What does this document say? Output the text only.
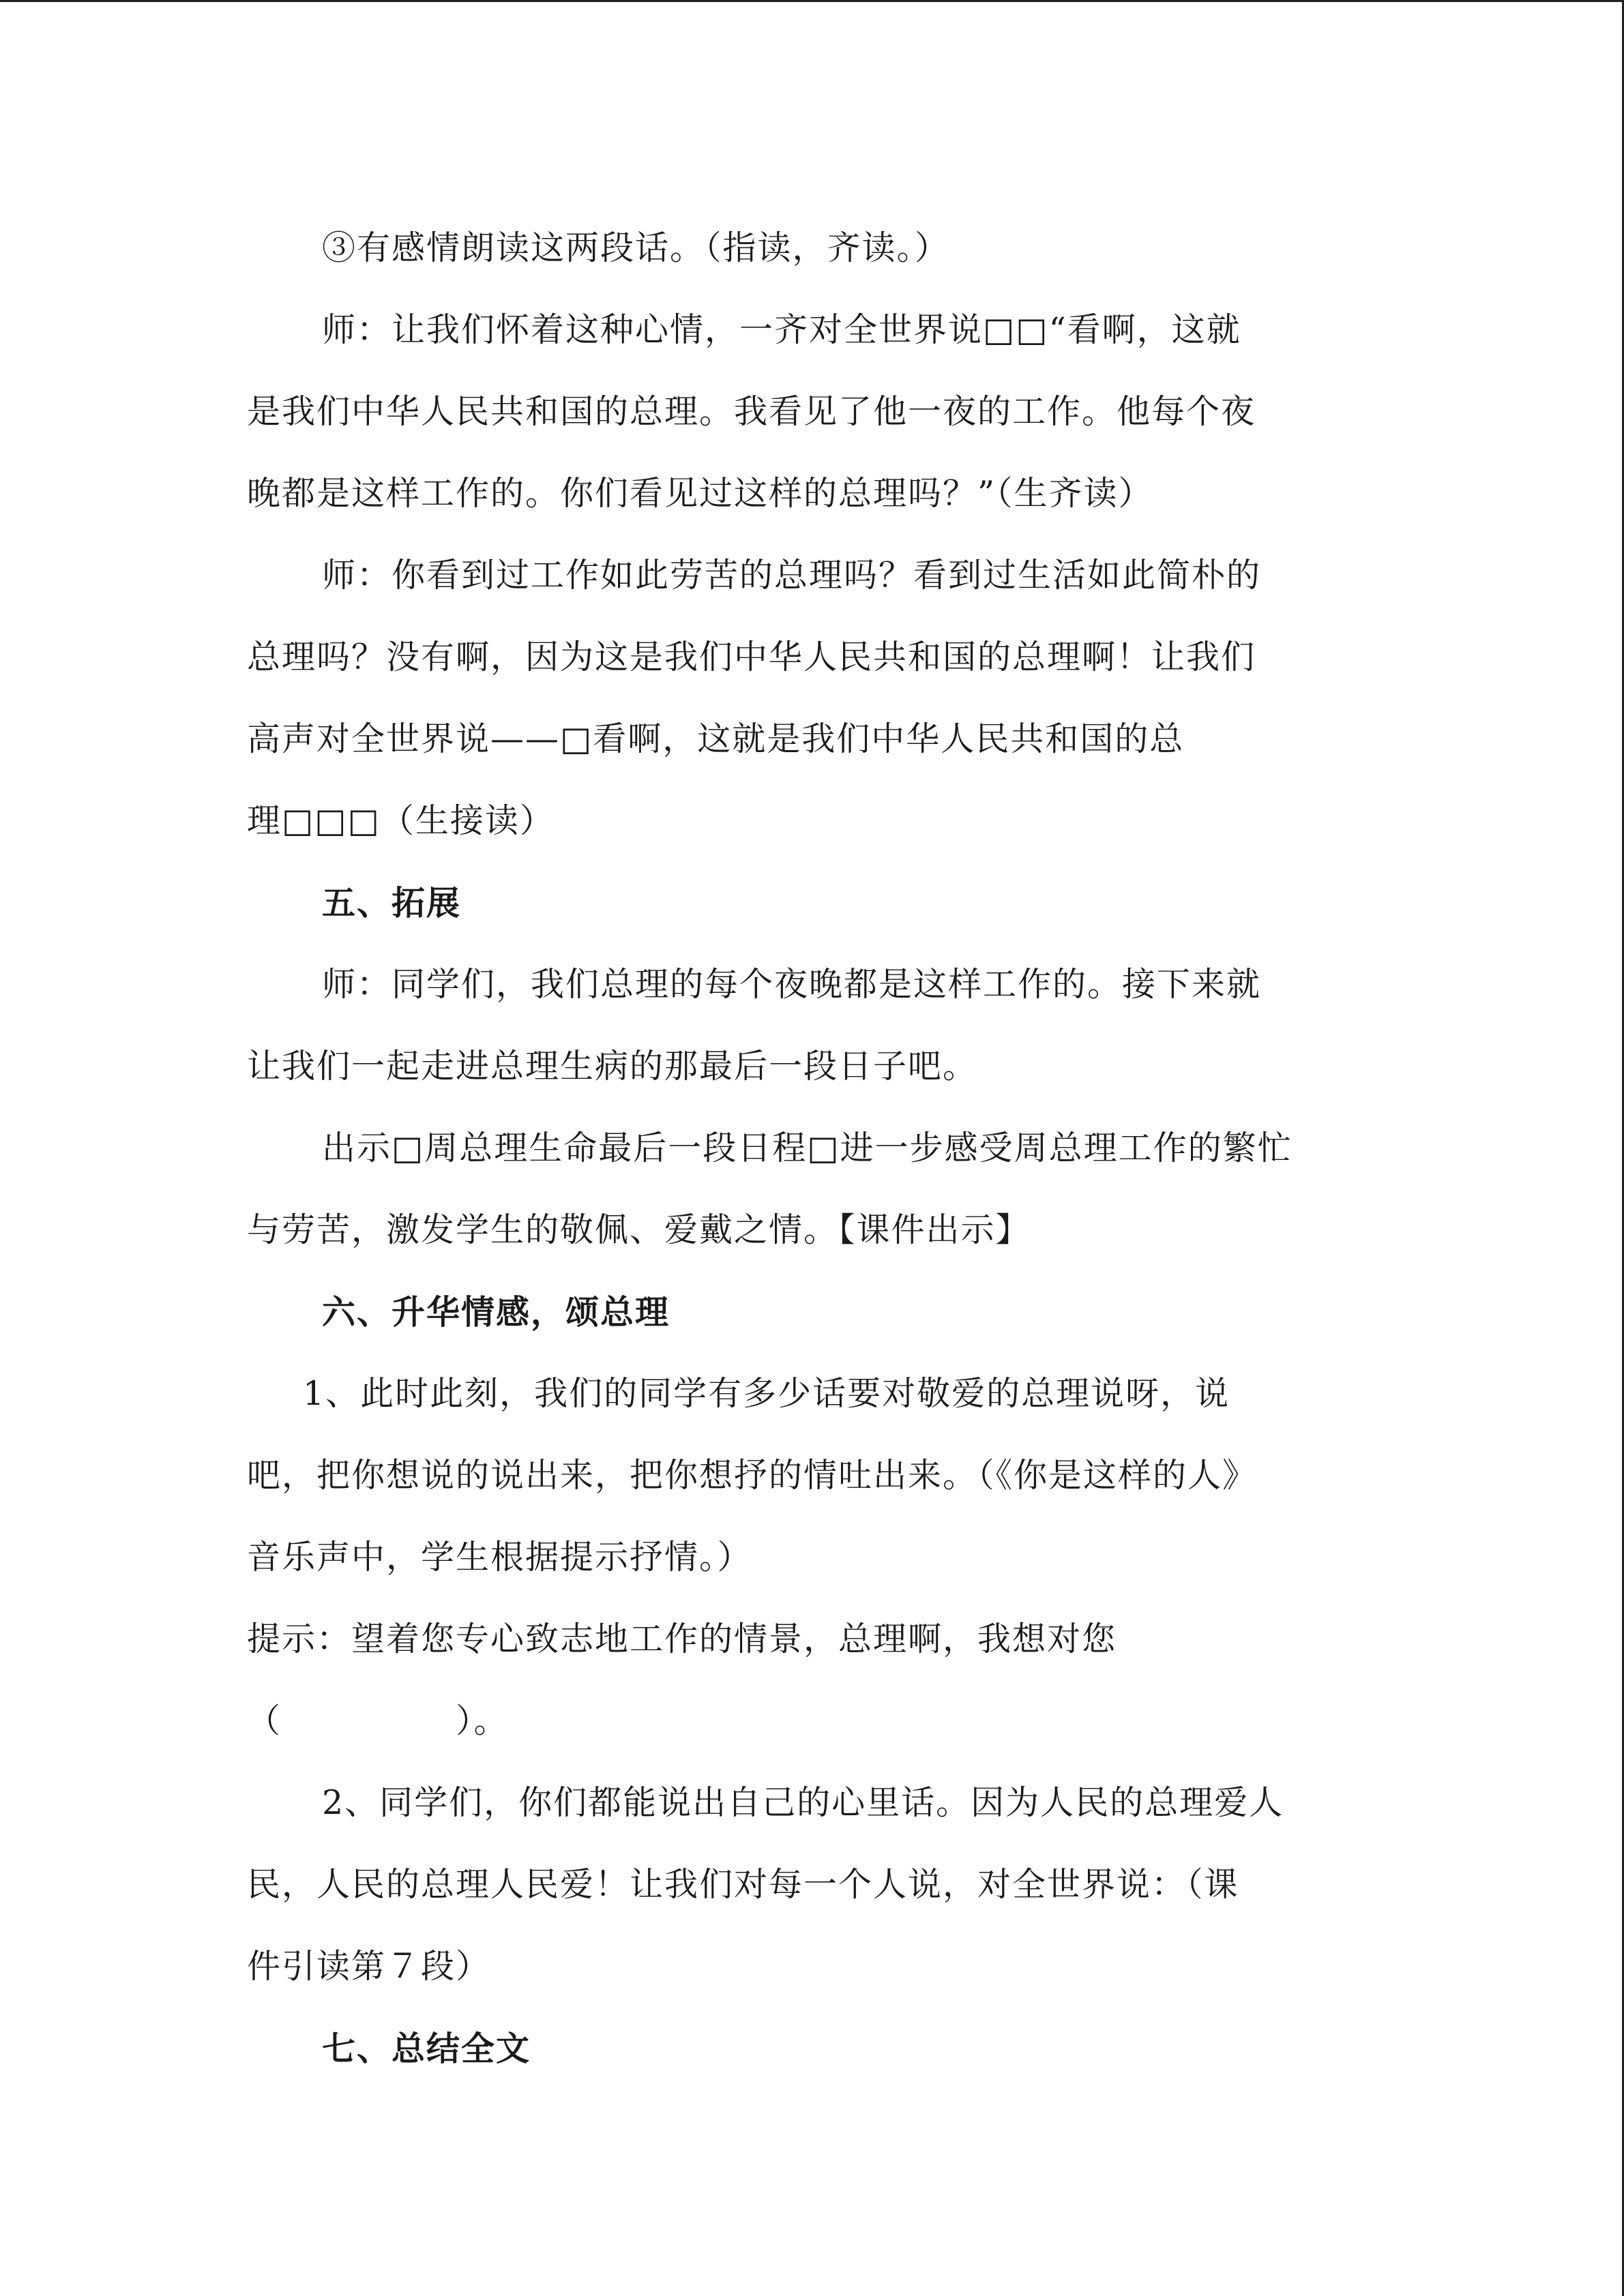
③有感情朗读这两段话。（指读，齐读。）
师：让我们怀着这种心情，一齐对全世界说□□“看啊，这就
是我们中华人民共和国的总理。我看见了他一夜的工作。他每个夜
晚都是这样工作的。你们看见过这样的总理吗？”（生齐读）
师：你看到过工作如此劳苦的总理吗？看到过生活如此简朴的
总理吗？没有啊，因为这是我们中华人民共和国的总理啊！让我们
高声对全世界说——□看啊，这就是我们中华人民共和国的总
理□□□（生接读）
五、拓展
师：同学们，我们总理的每个夜晚都是这样工作的。接下来就
让我们一起走进总理生病的那最后一段日子吧。
出示□周总理生命最后一段日程□进一步感受周总理工作的繁忙
与劳苦，激发学生的敬佩、爱戴之情。【课件出示】
六、升华情感，颂总理
1、此时此刻，我们的同学有多少话要对敬爱的总理说呀，说
吧，把你想说的说出来，把你想抒的情吐出来。（《你是这样的人》
音乐声中，学生根据提示抒情。）
提示：望着您专心致志地工作的情景，总理啊，我想对您
（　　　　　）。
2、同学们，你们都能说出自己的心里话。因为人民的总理爱人
民，人民的总理人民爱！让我们对每一个人说，对全世界说：（课
件引读第７段）
七、总结全文
